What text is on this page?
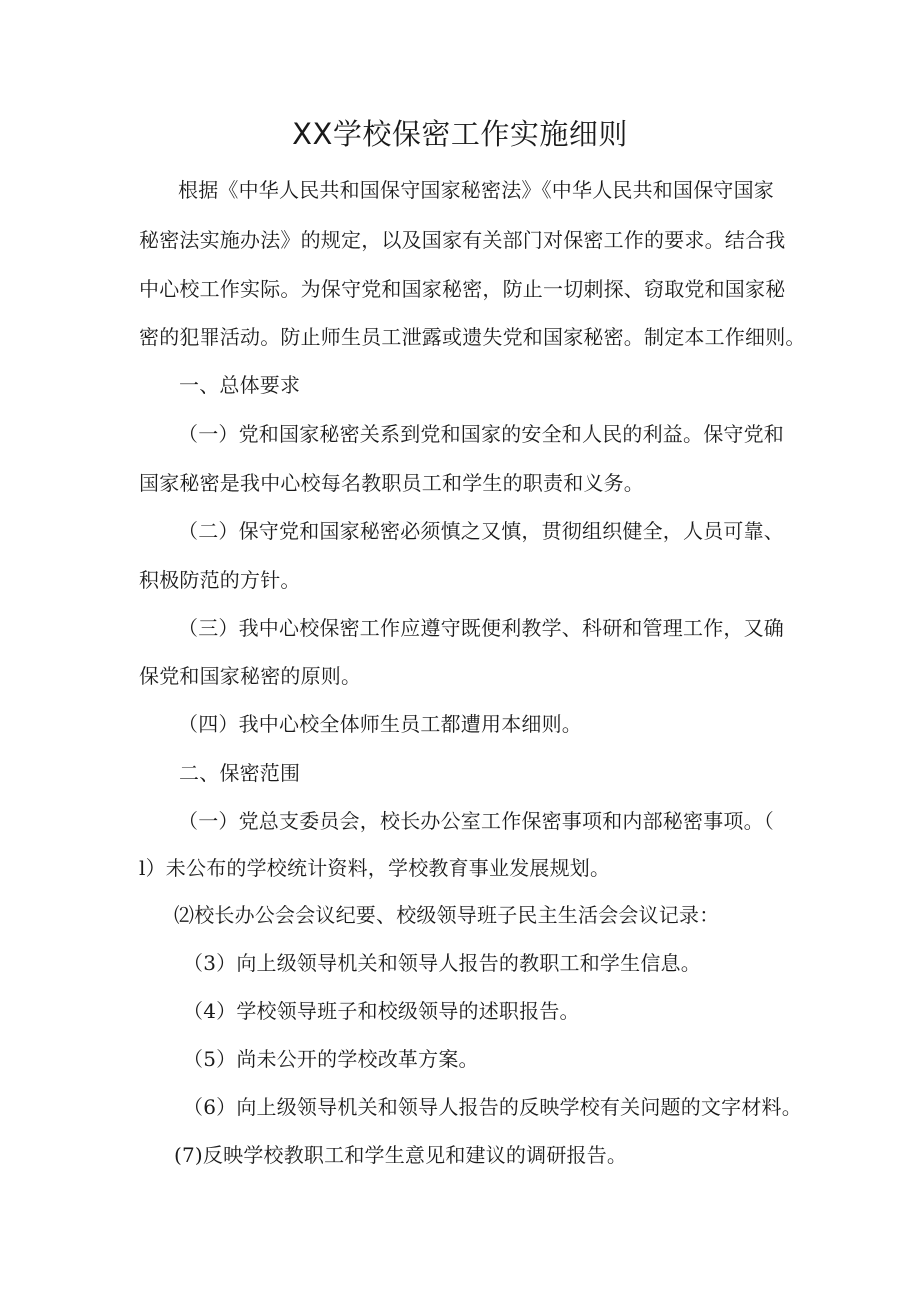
XX学校保密工作实施细则
根据《中华人民共和国保守国家秘密法》《中华人民共和国保守国家
秘密法实施办法》的规定，以及国家有关部门对保密工作的要求。结合我
中心校工作实际。为保守党和国家秘密，防止一切刺探、窃取党和国家秘
密的犯罪活动。防止师生员工泄露或遗失党和国家秘密。制定本工作细则。
一、总体要求
（一）党和国家秘密关系到党和国家的安全和人民的利益。保守党和
国家秘密是我中心校每名教职员工和学生的职责和义务。
（二）保守党和国家秘密必须慎之又慎，贯彻组织健全，人员可靠、
积极防范的方针。
（三）我中心校保密工作应遵守既便利教学、科研和管理工作，又确
保党和国家秘密的原则。
（四）我中心校全体师生员工都遭用本细则。
二、保密范围
（一）党总支委员会，校长办公室工作保密事项和内部秘密事项。（
l）未公布的学校统计资料，学校教育事业发展规划。
⑵校长办公会会议纪要、校级领导班子民主生活会会议记录：
（3）向上级领导机关和领导人报告的教职工和学生信息。
（4）学校领导班子和校级领导的述职报告。
（5）尚未公开的学校改革方案。
（6）向上级领导机关和领导人报告的反映学校有关问题的文字材料。
(7)反映学校教职工和学生意见和建议的调研报告。
